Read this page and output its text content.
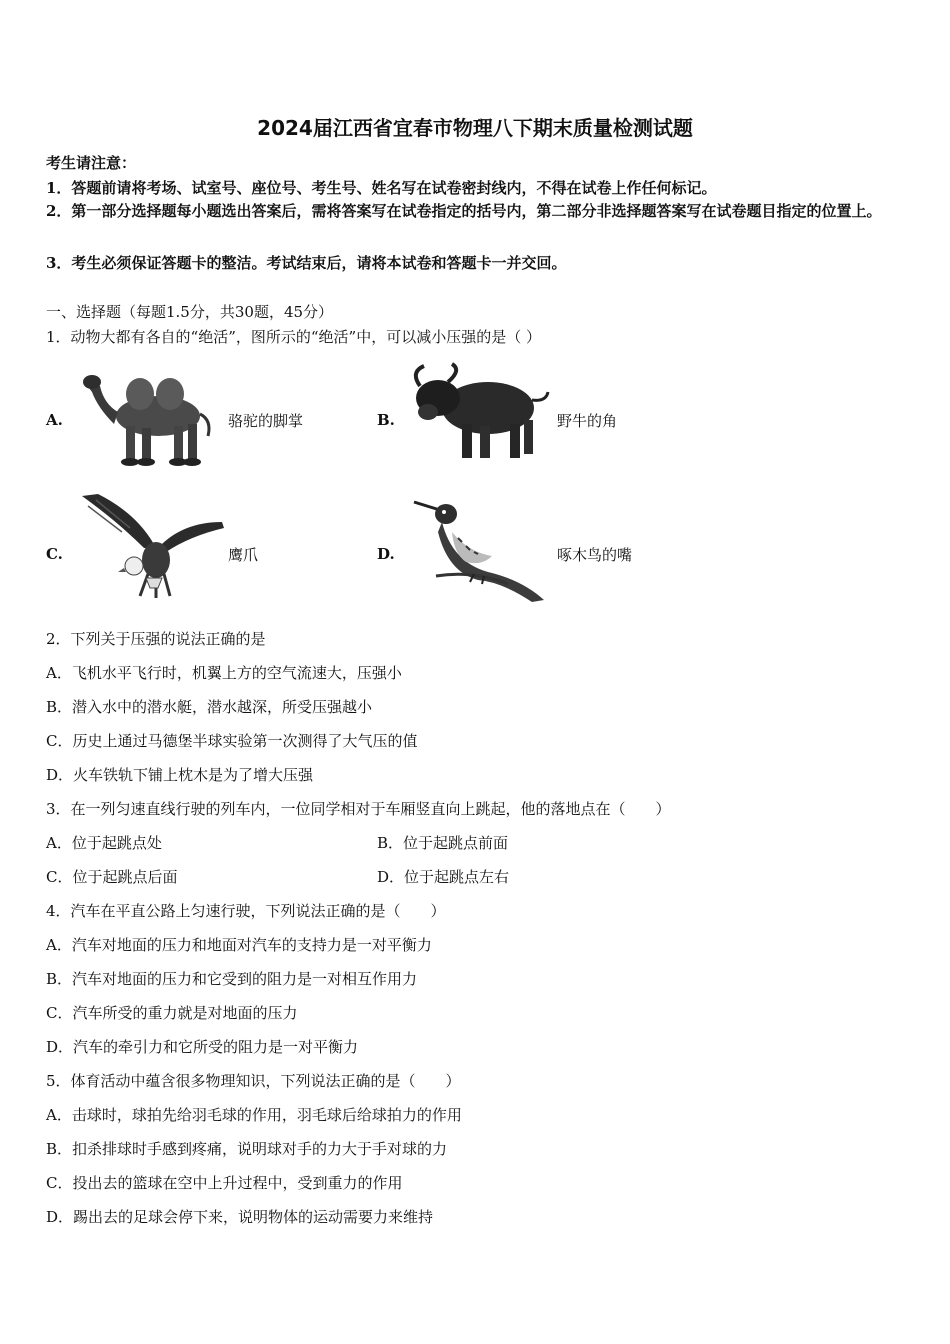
2024届江西省宜春市物理八下期末质量检测试题
考生请注意：
1．答题前请将考场、试室号、座位号、考生号、姓名写在试卷密封线内，不得在试卷上作任何标记。
2．第一部分选择题每小题选出答案后，需将答案写在试卷指定的括号内，第二部分非选择题答案写在试卷题目指定的位置上。
3．考生必须保证答题卡的整洁。考试结束后，请将本试卷和答题卡一并交回。
一、选择题（每题1.5分，共30题，45分）
1．动物大都有各自的“绝活”，图所示的“绝活”中，可以减小压强的是（ ）
A.	骆驼的脚掌	B.	野牛的角
C.	鹰爪	D.	啄木鸟的嘴
2．下列关于压强的说法正确的是
A．飞机水平飞行时，机翼上方的空气流速大，压强小
B．潜入水中的潜水艇，潜水越深，所受压强越小
C．历史上通过马德堡半球实验第一次测得了大气压的值
D．火车铁轨下铺上枕木是为了增大压强
3．在一列匀速直线行驶的列车内，一位同学相对于车厢竖直向上跳起，他的落地点在（　　）
A．位于起跳点处	B．位于起跳点前面
C．位于起跳点后面	D．位于起跳点左右
4．汽车在平直公路上匀速行驶，下列说法正确的是（　　）
A．汽车对地面的压力和地面对汽车的支持力是一对平衡力
B．汽车对地面的压力和它受到的阻力是一对相互作用力
C．汽车所受的重力就是对地面的压力
D．汽车的牵引力和它所受的阻力是一对平衡力
5．体育活动中蕴含很多物理知识，下列说法正确的是（　　）
A．击球时，球拍先给羽毛球的作用，羽毛球后给球拍力的作用
B．扣杀排球时手感到疼痛，说明球对手的力大于手对球的力
C．投出去的篮球在空中上升过程中，受到重力的作用
D．踢出去的足球会停下来，说明物体的运动需要力来维持
